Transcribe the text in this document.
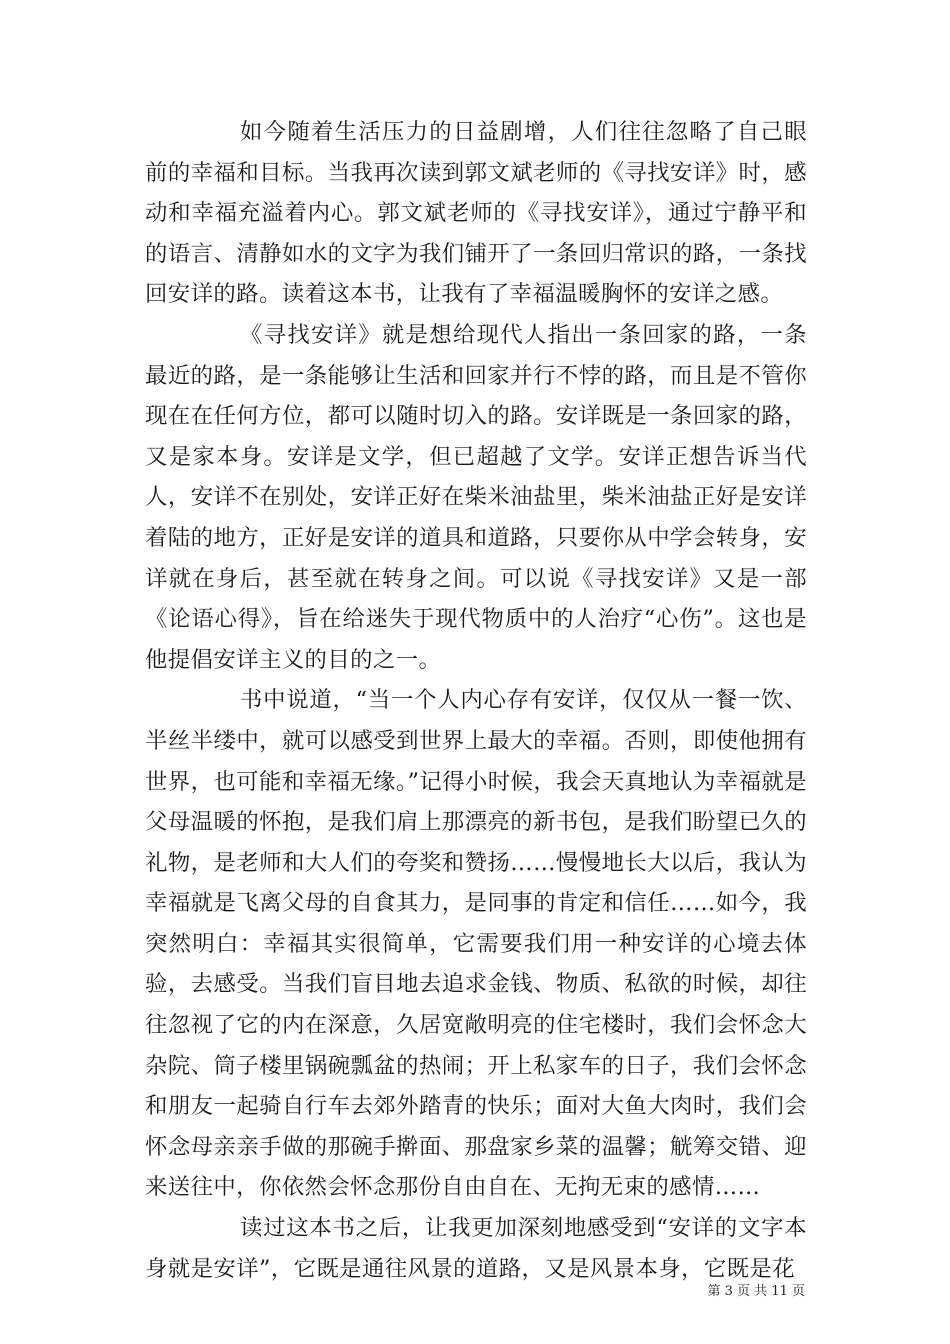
如今随着生活压力的日益剧增，人们往往忽略了自己眼前的幸福和目标。当我再次读到郭文斌老师的《寻找安详》时，感动和幸福充溢着内心。郭文斌老师的《寻找安详》，通过宁静平和的语言、清静如水的文字为我们铺开了一条回归常识的路，一条找回安详的路。读着这本书，让我有了幸福温暖胸怀的安详之感。

《寻找安详》就是想给现代人指出一条回家的路，一条最近的路，是一条能够让生活和回家并行不悖的路，而且是不管你现在在任何方位，都可以随时切入的路。安详既是一条回家的路，又是家本身。安详是文学，但已超越了文学。安详正想告诉当代人，安详不在别处，安详正好在柴米油盐里，柴米油盐正好是安详着陆的地方，正好是安详的道具和道路，只要你从中学会转身，安详就在身后，甚至就在转身之间。可以说《寻找安详》又是一部《论语心得》，旨在给迷失于现代物质中的人治疗“心伤”。这也是他提倡安详主义的目的之一。

书中说道，“当一个人内心存有安详，仅仅从一餐一饮、半丝半缕中，就可以感受到世界上最大的幸福。否则，即使他拥有世界，也可能和幸福无缘。”记得小时候，我会天真地认为幸福就是父母温暖的怀抱，是我们肩上那漂亮的新书包，是我们盼望已久的礼物，是老师和大人们的夸奖和赞扬……慢慢地长大以后，我认为幸福就是飞离父母的自食其力，是同事的肯定和信任……如今，我突然明白：幸福其实很简单，它需要我们用一种安详的心境去体验，去感受。当我们盲目地去追求金钱、物质、私欲的时候，却往往忽视了它的内在深意，久居宽敞明亮的住宅楼时，我们会怀念大杂院、筒子楼里锅碗瓢盆的热闹；开上私家车的日子，我们会怀念和朋友一起骑自行车去郊外踏青的快乐；面对大鱼大肉时，我们会怀念母亲亲手做的那碗手擀面、那盘家乡菜的温馨；觥筹交错、迎来送往中，你依然会怀念那份自由自在、无拘无束的感情……

读过这本书之后，让我更加深刻地感受到“安详的文字本身就是安详”，它既是通往风景的道路，又是风景本身，它既是花

第 3 页 共 11 页
